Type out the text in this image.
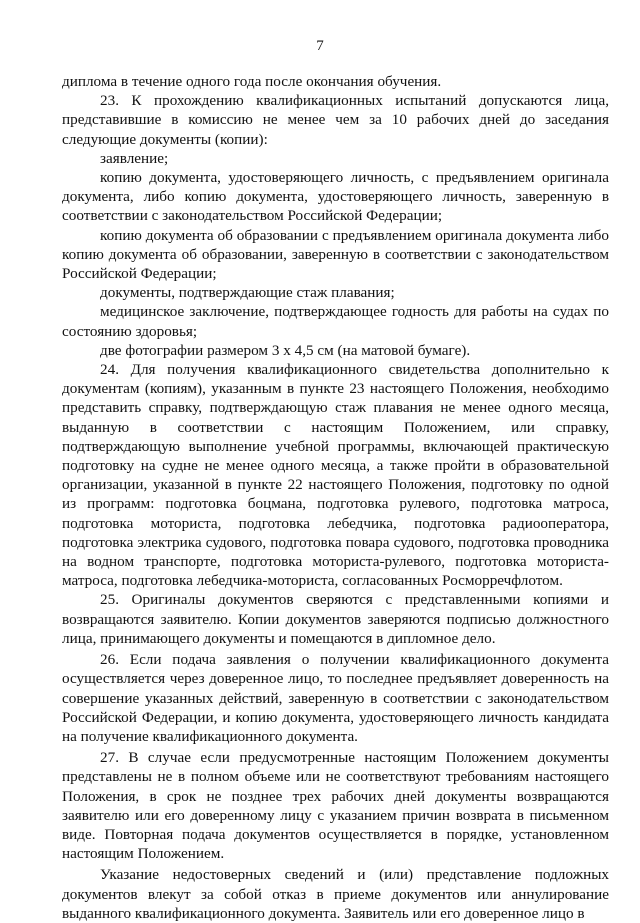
7

диплома в течение одного года после окончания обучения.

23. К прохождению квалификационных испытаний допускаются лица, представившие в комиссию не менее чем за 10 рабочих дней до заседания следующие документы (копии):

заявление;

копию документа, удостоверяющего личность, с предъявлением оригинала документа, либо копию документа, удостоверяющего личность, заверенную в соответствии с законодательством Российской Федерации;

копию документа об образовании с предъявлением оригинала документа либо копию документа об образовании, заверенную в соответствии с законодательством Российской Федерации;

документы, подтверждающие стаж плавания;

медицинское заключение, подтверждающее годность для работы на судах по состоянию здоровья;

две фотографии размером 3 х 4,5 см (на матовой бумаге).

24. Для получения квалификационного свидетельства дополнительно к документам (копиям), указанным в пункте 23 настоящего Положения, необходимо представить справку, подтверждающую стаж плавания не менее одного месяца, выданную в соответствии с настоящим Положением, или справку, подтверждающую выполнение учебной программы, включающей практическую подготовку на судне не менее одного месяца, а также пройти в образовательной организации, указанной в пункте 22 настоящего Положения, подготовку по одной из программ: подготовка боцмана, подготовка рулевого, подготовка матроса, подготовка моториста, подготовка лебедчика, подготовка радиооператора, подготовка электрика судового, подготовка повара судового, подготовка проводника на водном транспорте, подготовка моториста-рулевого, подготовка моториста-матроса, подготовка лебедчика-моториста, согласованных Росморречфлотом.

25. Оригиналы документов сверяются с представленными копиями и возвращаются заявителю. Копии документов заверяются подписью должностного лица, принимающего документы и помещаются в дипломное дело.

26. Если подача заявления о получении квалификационного документа осуществляется через доверенное лицо, то последнее предъявляет доверенность на совершение указанных действий, заверенную в соответствии с законодательством Российской Федерации, и копию документа, удостоверяющего личность кандидата на получение квалификационного документа.

27. В случае если предусмотренные настоящим Положением документы представлены не в полном объеме или не соответствуют требованиям настоящего Положения, в срок не позднее трех рабочих дней документы возвращаются заявителю или его доверенному лицу с указанием причин возврата в письменном виде. Повторная подача документов осуществляется в порядке, установленном настоящим Положением.

Указание недостоверных сведений и (или) представление подложных документов влекут за собой отказ в приеме документов или аннулирование выданного квалификационного документа. Заявитель или его доверенное лицо в
